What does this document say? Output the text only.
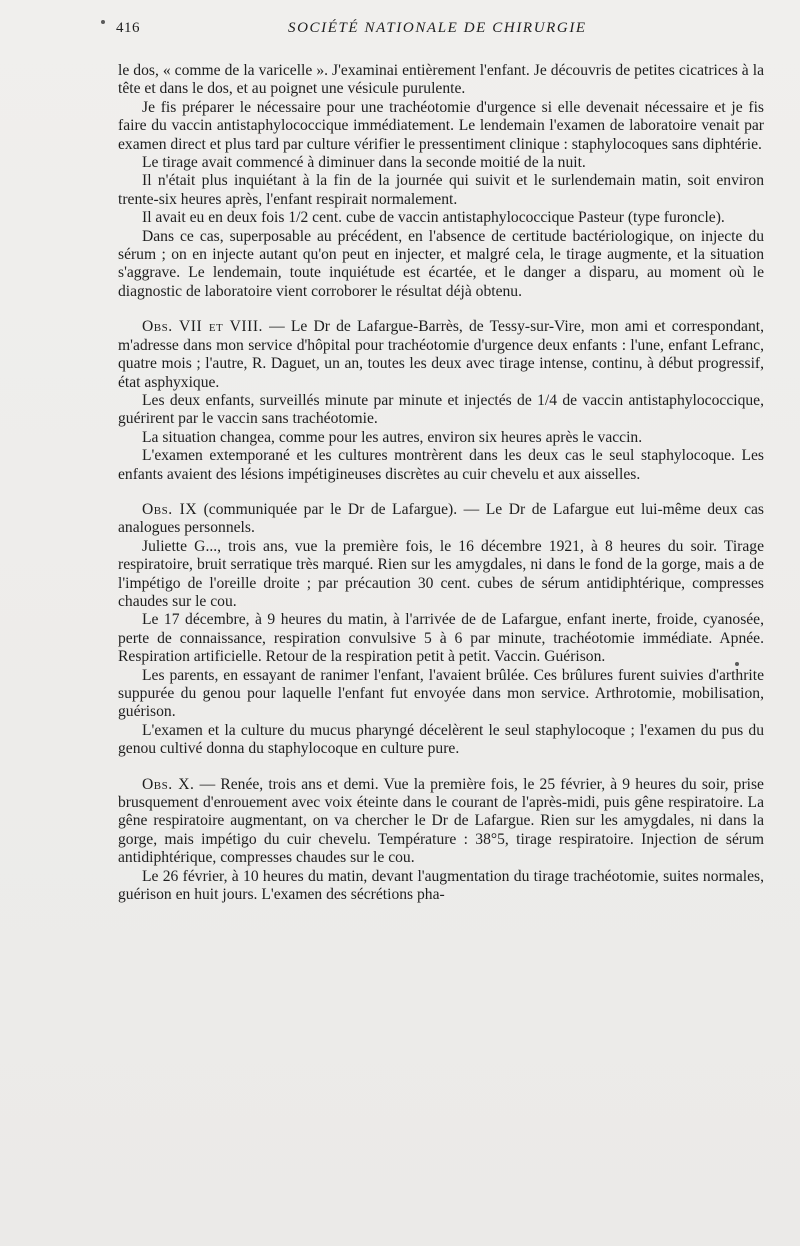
416	SOCIÉTÉ NATIONALE DE CHIRURGIE

le dos, « comme de la varicelle ». J'examinai entièrement l'enfant. Je découvris de petites cicatrices à la tête et dans le dos, et au poignet une vésicule purulente.

Je fis préparer le nécessaire pour une trachéotomie d'urgence si elle devenait nécessaire et je fis faire du vaccin antistaphylococcique immédiatement. Le lendemain l'examen de laboratoire venait par examen direct et plus tard par culture vérifier le pressentiment clinique : staphylocoques sans diphtérie.

Le tirage avait commencé à diminuer dans la seconde moitié de la nuit.

Il n'était plus inquiétant à la fin de la journée qui suivit et le surlendemain matin, soit environ trente-six heures après, l'enfant respirait normalement.

Il avait eu en deux fois 1/2 cent. cube de vaccin antistaphylococcique Pasteur (type furoncle).

Dans ce cas, superposable au précédent, en l'absence de certitude bactériologique, on injecte du sérum ; on en injecte autant qu'on peut en injecter, et malgré cela, le tirage augmente, et la situation s'aggrave. Le lendemain, toute inquiétude est écartée, et le danger a disparu, au moment où le diagnostic de laboratoire vient corroborer le résultat déjà obtenu.

Obs. VII et VIII. — Le Dr de Lafargue-Barrès, de Tessy-sur-Vire, mon ami et correspondant, m'adresse dans mon service d'hôpital pour trachéotomie d'urgence deux enfants : l'une, enfant Lefranc, quatre mois ; l'autre, R. Daguet, un an, toutes les deux avec tirage intense, continu, à début progressif, état asphyxique.

Les deux enfants, surveillés minute par minute et injectés de 1/4 de vaccin antistaphylococcique, guérirent par le vaccin sans trachéotomie.

La situation changea, comme pour les autres, environ six heures après le vaccin.

L'examen extemporané et les cultures montrèrent dans les deux cas le seul staphylocoque. Les enfants avaient des lésions impétigineuses discrètes au cuir chevelu et aux aisselles.

Obs. IX (communiquée par le Dr de Lafargue). — Le Dr de Lafargue eut lui-même deux cas analogues personnels.

Juliette G..., trois ans, vue la première fois, le 16 décembre 1921, à 8 heures du soir. Tirage respiratoire, bruit serratique très marqué. Rien sur les amygdales, ni dans le fond de la gorge, mais a de l'impétigo de l'oreille droite ; par précaution 30 cent. cubes de sérum antidiphtérique, compresses chaudes sur le cou.

Le 17 décembre, à 9 heures du matin, à l'arrivée de de Lafargue, enfant inerte, froide, cyanosée, perte de connaissance, respiration convulsive 5 à 6 par minute, trachéotomie immédiate. Apnée. Respiration artificielle. Retour de la respiration petit à petit. Vaccin. Guérison.

Les parents, en essayant de ranimer l'enfant, l'avaient brûlée. Ces brûlures furent suivies d'arthrite suppurée du genou pour laquelle l'enfant fut envoyée dans mon service. Arthrotomie, mobilisation, guérison.

L'examen et la culture du mucus pharyngé décelèrent le seul staphylocoque ; l'examen du pus du genou cultivé donna du staphylocoque en culture pure.

Obs. X. — Renée, trois ans et demi. Vue la première fois, le 25 février, à 9 heures du soir, prise brusquement d'enrouement avec voix éteinte dans le courant de l'après-midi, puis gêne respiratoire. La gêne respiratoire augmentant, on va chercher le Dr de Lafargue. Rien sur les amygdales, ni dans la gorge, mais impétigo du cuir chevelu. Température : 38°5, tirage respiratoire. Injection de sérum antidiphtérique, compresses chaudes sur le cou.

Le 26 février, à 10 heures du matin, devant l'augmentation du tirage trachéotomie, suites normales, guérison en huit jours. L'examen des sécrétions pha-
